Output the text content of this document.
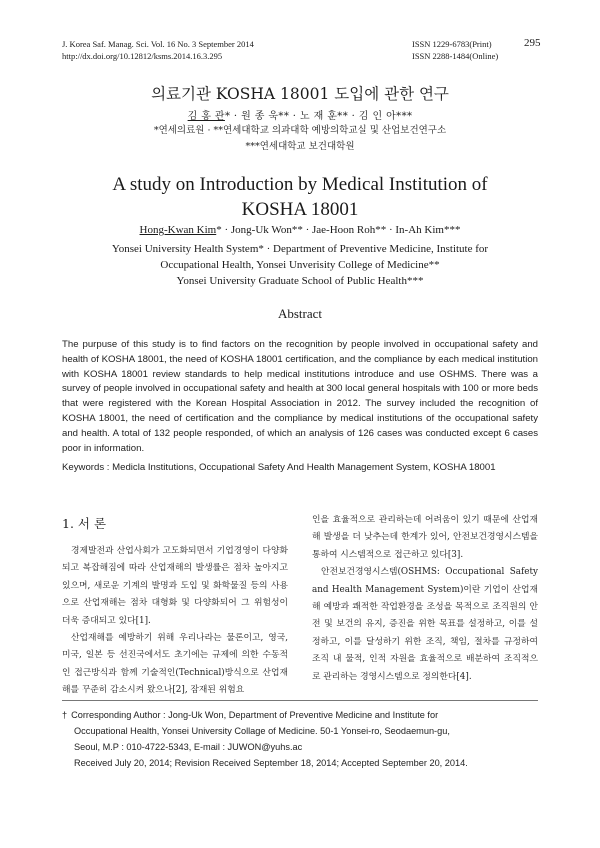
J. Korea Saf. Manag. Sci. Vol. 16 No. 3 September 2014
http://dx.doi.org/10.12812/ksms.2014.16.3.295
ISSN 1229-6783(Print)
ISSN 2288-1484(Online)
295
의료기관 KOSHA 18001 도입에 관한 연구
김 홍 관* · 원 종 욱** · 노 재 훈** · 김 인 아***
*연세의료원 · **연세대학교 의과대학 예방의학교실 및 산업보건연구소
***연세대학교 보건대학원
A study on Introduction by Medical Institution of
KOSHA 18001
Hong-Kwan Kim* · Jong-Uk Won** · Jae-Hoon Roh** · In-Ah Kim***
Yonsei University Health System* · Department of Preventive Medicine, Institute for
Occupational Health, Yonsei Unverisity College of Medicine**
Yonsei University Graduate School of Public Health***
Abstract
The purpuse of this study is to find factors on the recognition by people involved in occupational safety and health of KOSHA 18001, the need of KOSHA 18001 certification, and the compliance by each medical institution with KOSHA 18001 review standards to help medical institutions introduce and use OSHMS. There was a survey of people involved in occupational safety and health at 300 local general hospitals with 100 or more beds that were registered with the Korean Hospital Association in 2012. The survey included the recognition of KOSHA 18001, the need of certification and the compliance by medical institutions of the occupational safety and health. A total of 132 people responded, of which an analysis of 126 cases was conducted except 6 cases poor in information.
Keywords : Medicla Institutions, Occupational Safety And Health Management System, KOSHA 18001
1. 서 론

경제발전과 산업사회가 고도화되면서 기업경영이 다양화되고 복잡해짐에 따라 산업재해의 발생률은 점차 높아지고 있으며, 새로운 기계의 발명과 도입 및 화학물질 등의 사용으로 산업재해는 점차 대형화 및 다양화되어 그 위험성이 더욱 증대되고 있다[1].

산업재해를 예방하기 위해 우리나라는 물론이고, 영국, 미국, 일본 등 선진국에서도 초기에는 규제에 의한 수동적인 접근방식과 함께 기술적인(Technical)방식으로 산업재해를 꾸준히 감소시켜 왔으나[2], 잠재된 위험요

인을 효율적으로 관리하는데 어려움이 있기 때문에 산업재해 발생을 더 낮추는데 한계가 있어, 안전보건경영시스템을 통하여 시스템적으로 접근하고 있다[3].

안전보건경영시스템(OSHMS: Occupational Safety and Health Management System)이란 기업이 산업재해 예방과 쾌적한 작업환경을 조성을 목적으로 조직원의 안전 및 보건의 유지, 증진을 위한 목표를 설정하고, 이를 설정하고, 이를 달성하기 위한 조직, 책임, 절차를 규정하여 조직 내 물적, 인적 자원을 효율적으로 배분하여 조직적으로 관리하는 경영시스템으로 정의한다[4].

† Corresponding Author : Jong-Uk Won, Department of Preventive Medicine and Institute for
Occupational Health, Yonsei University Collage of Medicine. 50-1 Yonsei-ro, Seodaemun-gu,
Seoul, M.P : 010-4722-5343, E-mail : JUWON@yuhs.ac
Received July 20, 2014; Revision Received September 18, 2014; Accepted September 20, 2014.
